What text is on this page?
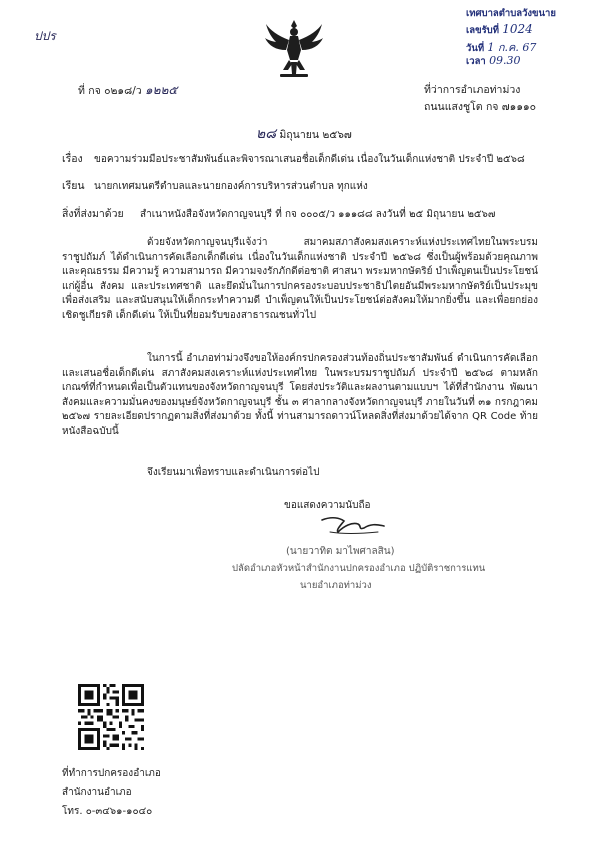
ปปร
เทศบาลตำบลวังขนาย
เลขรับที่ 1024
วันที่ 1 ก.ค. 67
เวลา 09.30
ที่ กจ ๐๒๑๘/ว ๑๒๒๕	ที่ว่าการอำเภอท่าม่วง
ถนนแสงชูโต กจ ๗๑๑๑๐
๒๘ มิถุนายน ๒๕๖๗
เรื่อง ขอความร่วมมือประชาสัมพันธ์และพิจารณาเสนอชื่อเด็กดีเด่น เนื่องในวันเด็กแห่งชาติ ประจำปี ๒๕๖๘
เรียน นายกเทศมนตรีตำบลและนายกองค์การบริหารส่วนตำบล ทุกแห่ง
สิ่งที่ส่งมาด้วย สำเนาหนังสือจังหวัดกาญจนบุรี ที่ กจ ๐๐๐๕/ว ๑๑๑๘๘ ลงวันที่ ๒๕ มิถุนายน ๒๕๖๗
ด้วยจังหวัดกาญจนบุรีแจ้งว่า สมาคมสภาสังคมสงเคราะห์แห่งประเทศไทยในพระบรมราชูปถัมภ์ ได้ดำเนินการคัดเลือกเด็กดีเด่น เนื่องในวันเด็กแห่งชาติ ประจำปี ๒๕๖๘ ซึ่งเป็นผู้พร้อมด้วยคุณภาพและคุณธรรม มีความรู้ ความสามารถ มีความจงรักภักดีต่อชาติ ศาสนา พระมหากษัตริย์ บำเพ็ญตนเป็นประโยชน์แก่ผู้อื่น สังคม และประเทศชาติ และยึดมั่นในการปกครองระบอบประชาธิปไตยอันมีพระมหากษัตริย์เป็นประมุข เพื่อส่งเสริม และสนับสนุนให้เด็กกระทำความดี บำเพ็ญตนให้เป็นประโยชน์ต่อสังคมให้มากยิ่งขึ้น และเพื่อยกย่องเชิดชูเกียรติ เด็กดีเด่น ให้เป็นที่ยอมรับของสาธารณชนทั่วไป
ในการนี้ อำเภอท่าม่วงจึงขอให้องค์กรปกครองส่วนท้องถิ่นประชาสัมพันธ์ ดำเนินการคัดเลือก และเสนอชื่อเด็กดีเด่น สภาสังคมสงเคราะห์แห่งประเทศไทย ในพระบรมราชูปถัมภ์ ประจำปี ๒๕๖๘ ตามหลักเกณฑ์ที่กำหนดเพื่อเป็นตัวแทนของจังหวัดกาญจนบุรี โดยส่งประวัติและผลงานตามแบบฯ ได้ที่สำนักงาน พัฒนาสังคมและความมั่นคงของมนุษย์จังหวัดกาญจนบุรี ชั้น ๓ ศาลากลางจังหวัดกาญจนบุรี ภายในวันที่ ๓๑ กรกฎาคม ๒๕๖๗ รายละเอียดปรากฏตามสิ่งที่ส่งมาด้วย ทั้งนี้ ท่านสามารถดาวน์โหลดสิ่งที่ส่งมาด้วยได้จาก QR Code ท้ายหนังสือฉบับนี้
จึงเรียนมาเพื่อทราบและดำเนินการต่อไป
ขอแสดงความนับถือ
(นายวาทิต มาไพศาลสิน)
ปลัดอำเภอหัวหน้าสำนักงานปกครองอำเภอ ปฏิบัติราชการแทน
นายอำเภอท่าม่วง
ที่ทำการปกครองอำเภอ
สำนักงานอำเภอ
โทร. ๐-๓๔๖๑-๑๐๔๐
